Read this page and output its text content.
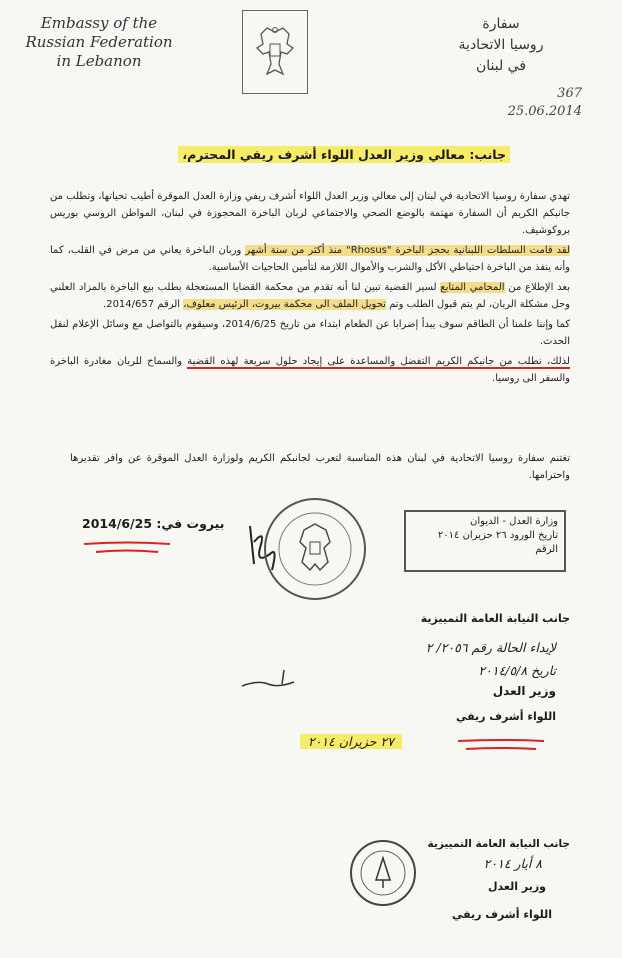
Embassy of the
Russian Federation
in Lebanon
سفارة
روسيا الاتحادية
في لبنان
367
25.06.2014
جانب: معالي وزير العدل اللواء أشرف ريفي المحترم،

تهدي سفارة روسيا الاتحادية في لبنان إلى معالي وزير العدل اللواء أشرف ريفي وزارة العدل الموقرة أطيب تحياتها، وتطلب من جانبكم الكريم أن السفارة مهتمة بالوضع الصحي والاجتماعي لربان الباخرة المحجوزة في لبنان، المواطن الروسي بوريس بروكوشيف.

لقد قامت السلطات اللبنانية بحجز الباخرة "Rhosus" منذ أكثر من سنة أشهر وربان الباخرة يعاني من مرض في القلب، كما وأنه ينفذ من الباخرة احتياطي الأكل والشرب والأموال اللازمة لتأمين الحاجيات الأساسية.

بعد الإطلاع من المحامي المتابع لسير القضية تبين لنا أنه تقدم من محكمة القضايا المستعجلة بطلب بيع الباخرة بالمزاد العلني وحل مشكلة الربان، لم يتم قبول الطلب وتم تحويل الملف الى محكمة بيروت، الرئيس معلوف، الرقم 2014/657.

كما وإننا علمنا أن الطاقم سوف يبدأ إضرابا عن الطعام ابتداء من تاريخ 2014/6/25، وسيقوم بالتواصل مع وسائل الإعلام لنقل الحدث.

لذلك، نطلب من جانبكم الكريم التفضل والمساعدة على إيجاد حلول سريعة لهذه القضية والسماح للربان مغادرة الباخرة والسفر الى روسيا.

تغتنم سفارة روسيا الاتحادية في لبنان هذه المناسبة لتعرب لجانبكم الكريم ولوزارة العدل الموقرة عن وافر تقديرها واحترامها.
بيروت في: 2014/6/25	وزارة العدل - الديوان
تاريخ الورود ٢٦ حزيران ٢٠١٤
الرقم
جانب النيابة العامة التمييزية
لإيداء الحالة رقم ٢٠٥٦/ ٢
تاريخ ٢٠١٤/٥/٨
وزير العدل
اللواء أشرف ريفي
٢٧ حزيران ٢٠١٤
جانب النيابة العامة التمييزية
٨ أيار ٢٠١٤
وزير العدل
اللواء أشرف ريفي
